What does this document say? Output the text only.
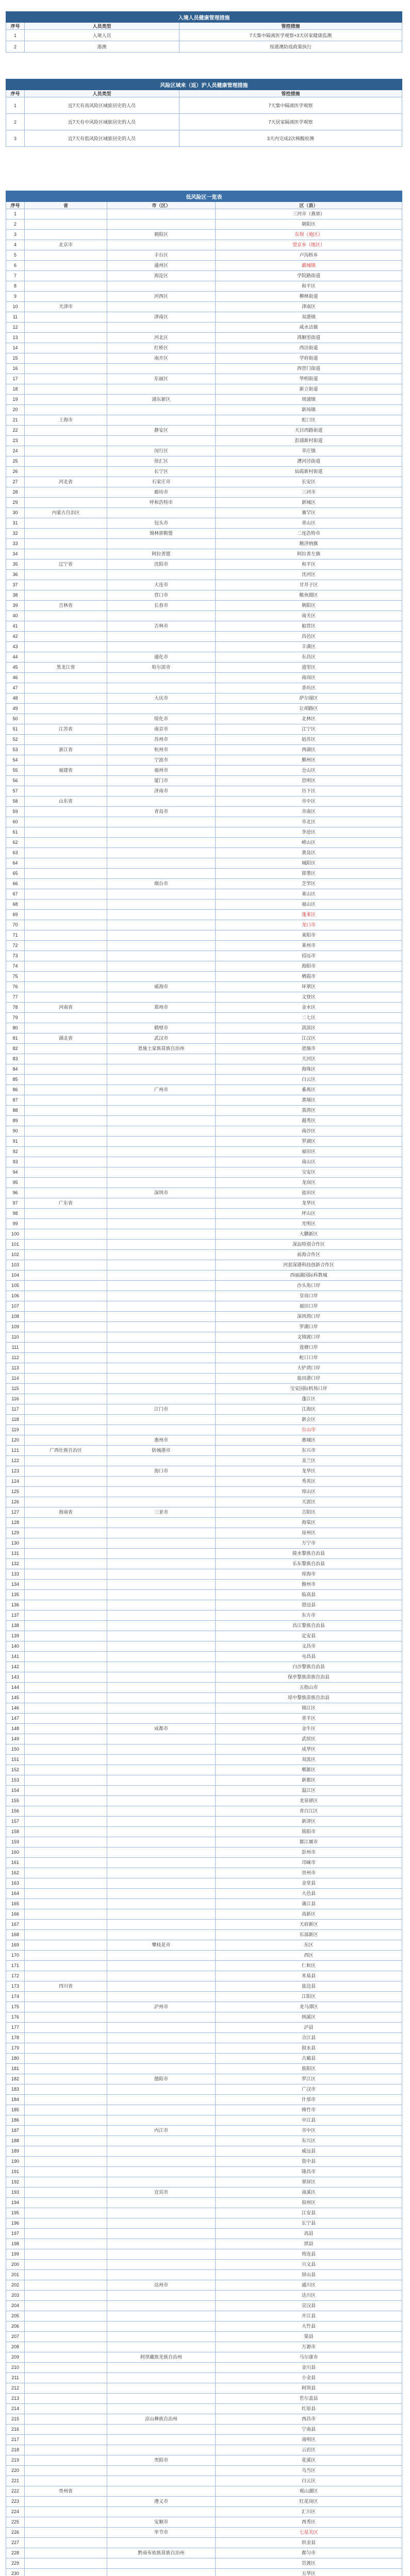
入境人员健康管理措施		
序号	人员类型	管控措施
1	入境人员	7天集中隔离医学观察+3天居家健康监测
2	港澳	按港澳防疫政策执行
风险区域来（返）沪人员健康管理措施		
序号	人员类型	管控措施
1	近7天有高风险区域旅居史的人员	7天集中隔离医学观察
2	近7天有中风险区域旅居史的人员	7天居家隔离医学观察
3	近7天有低风险区域旅居史的人员	3天内完成2次核酸检测
低风险区一览表			
序号	省	市（区）	区（县）
1			三河市（燕郊）
2			朝阳区
3		朝阳区	东坝（地区）
4	北京市		望京乡（地区）
5		丰台区	卢沟桥乡
6		通州区	潞城镇
7		海淀区	学院路街道
8			和平区
9		河西区	柳林街道
10	天津市		津南区
11		津南区	双港镇
12			咸水沽镇
13		河北区	鸿顺里街道
14		红桥区	西沽街道
15		南开区	学府街道
16			西营门街道
17		东丽区	华明街道
18			新立街道
19		浦东新区	周浦镇
20			新场镇
21	上海市		虹口区
22		静安区	天目西路街道
23			彭浦新村街道
24		闵行区	莘庄镇
25		徐汇区	漕河泾街道
26		长宁区	仙霞新村街道
27	河北省	石家庄市	长安区
28		廊坊市	三河市
29		呼和浩特市	新城区
30	内蒙古自治区		赛罕区
31		包头市	青山区
32		锡林郭勒盟	二连浩特市
33			额济纳旗
34		阿拉善盟	阿拉善左旗
35	辽宁省	沈阳市	和平区
36			沈河区
37		大连市	甘井子区
38		营口市	鲅鱼圈区
39	吉林省	长春市	朝阳区
40			南关区
41		吉林市	船营区
42			昌邑区
43			丰满区
44		通化市	东昌区
45	黑龙江省	哈尔滨市	道里区
46			南岗区
47			香坊区
48		大庆市	萨尔图区
49			让胡路区
50		绥化市	北林区
51	江苏省	南京市	江宁区
52		苏州市	姑苏区
53	浙江省	杭州市	西湖区
54		宁波市	鄞州区
55	福建省	福州市	仓山区
56		厦门市	思明区
57		济南市	历下区
58	山东省		市中区
59		青岛市	市南区
60			市北区
61			李沧区
62			崂山区
63			黄岛区
64			城阳区
65			即墨区
66		烟台市	芝罘区
67			莱山区
68			福山区
69			蓬莱区
70			龙口市
71			莱阳市
72			莱州市
73			招远市
74			海阳市
75			栖霞市
76		威海市	环翠区
77			文登区
78	河南省	郑州市	金水区
79			二七区
80		鹤壁市	淇滨区
81	湖北省	武汉市	江汉区
82		恩施土家族苗族自治州	恩施市
83			天河区
84			海珠区
85			白云区
86		广州市	番禺区
87			黄埔区
88			荔湾区
89			越秀区
90			南沙区
91			罗湖区
92			福田区
93			南山区
94			宝安区
95			龙岗区
96		深圳市	盐田区
97	广东省		龙华区
98			坪山区
99			光明区
100			大鹏新区
101			深汕特别合作区
102			前海合作区
103			河套深港科技创新合作区
104			西丽湖国际科教城
105			沙头角口岸
106			皇岗口岸
107			福田口岸
108			深圳湾口岸
109			罗湖口岸
110			文锦渡口岸
111			莲塘口岸
112			蛇口口岸
113			大铲湾口岸
114			盐田港口岸
115			宝安国际机场口岸
116			蓬江区
117		江门市	江海区
118			新会区
119			台山市
120		惠州市	惠城区
121	广西壮族自治区	防城港市	东兴市
122			美兰区
123		海口市	龙华区
124			秀英区
125			琼山区
126			天涯区
127	海南省	三亚市	吉阳区
128			海棠区
129			崖州区
130			万宁市
131			陵水黎族自治县
132			乐东黎族自治县
133			琼海市
134			儋州市
135			临高县
136			澄迈县
137			东方市
138			昌江黎族自治县
139			定安县
140			文昌市
141			屯昌县
142			白沙黎族自治县
143			保亭黎族苗族自治县
144			五指山市
145			琼中黎族苗族自治县
146			锦江区
147			青羊区
148		成都市	金牛区
149			武侯区
150			成华区
151			双流区
152			郫都区
153			新都区
154			温江区
155			龙泉驿区
156			青白江区
157			新津区
158			简阳市
159			都江堰市
160			彭州市
161			邛崃市
162			崇州市
163			金堂县
164			大邑县
165			蒲江县
166			高新区
167			天府新区
168			东部新区
169		攀枝花市	东区
170			西区
171			仁和区
172			米易县
173	四川省		盐边县
174			江阳区
175		泸州市	龙马潭区
176			纳溪区
177			泸县
178			合江县
179			叙永县
180			古蔺县
181			旌阳区
182		德阳市	罗江区
183			广汉市
184			什邡市
185			绵竹市
186			中江县
187		内江市	市中区
188			东兴区
189			威远县
190			资中县
191			隆昌市
192			翠屏区
193		宜宾市	南溪区
194			叙州区
195			江安县
196			长宁县
197			高县
198			珙县
199			筠连县
200			兴文县
201			屏山县
202		达州市	通川区
203			达川区
204			宣汉县
205			开江县
206			大竹县
207			渠县
208			万源市
209		阿坝藏族羌族自治州	马尔康市
210			金川县
211			小金县
212			阿坝县
213			若尔盖县
214			红原县
215		凉山彝族自治州	西昌市
216			宁南县
217			南明区
218			云岩区
219		贵阳市	花溪区
220			乌当区
221			白云区
222	贵州省		观山湖区
223		遵义市	红花岗区
224			汇川区
225		安顺市	西秀区
226		毕节市	七星关区
227			织金县
228		黔南布依族苗族自治州	都匀市
229			官渡区
230			五华区
